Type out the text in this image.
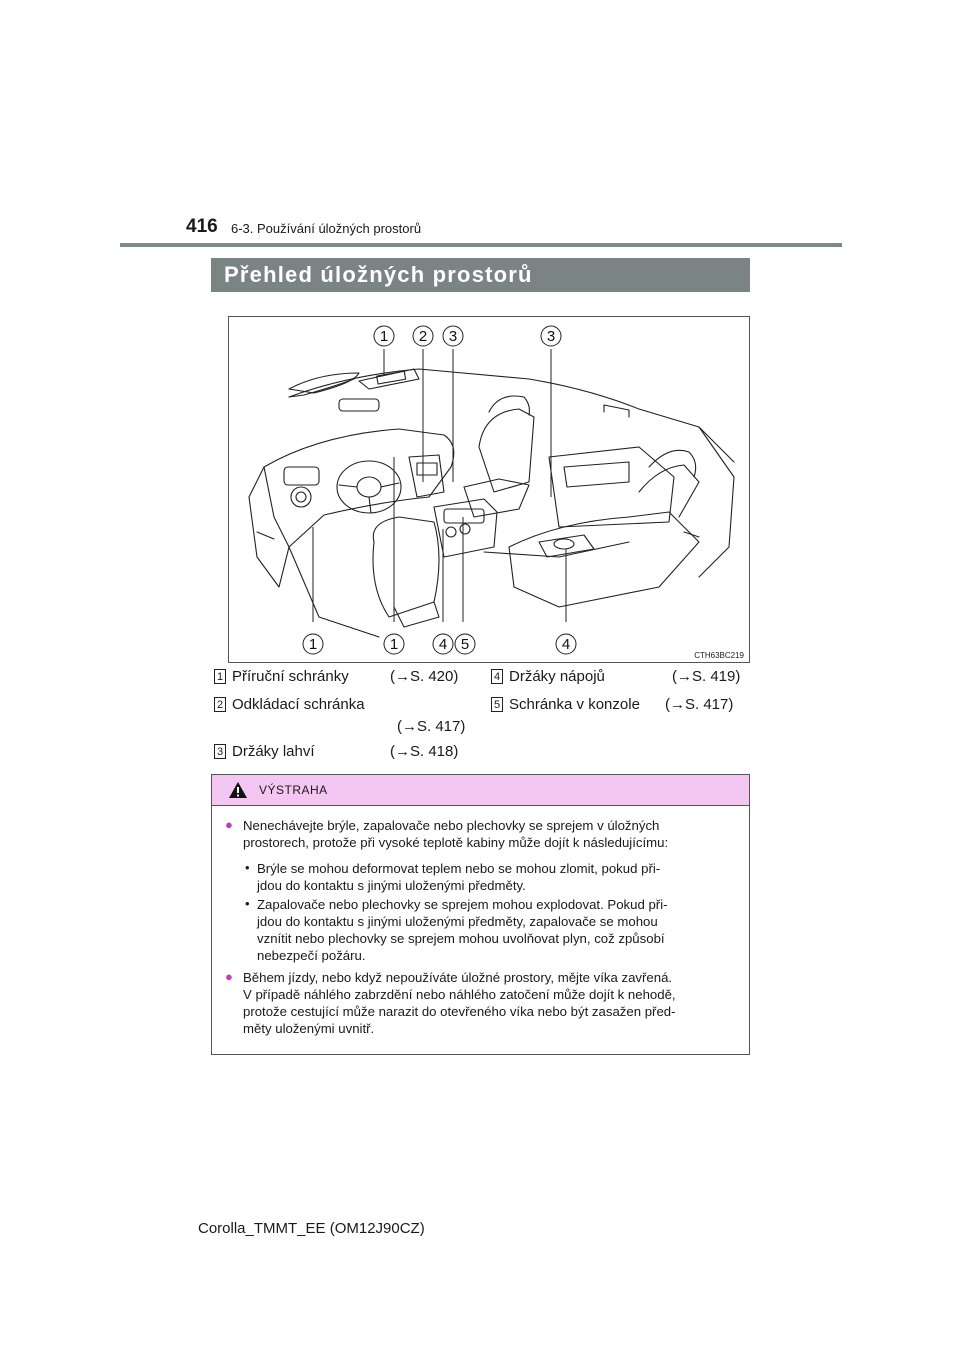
416 6-3. Používání úložných prostorů
Přehled úložných prostorů
1 2 3	3
1	1	4 5	4
CTH63BC219
1 Příruční schránky	(→S. 420)
2 Odkládací schránka
(→S. 417)
3 Držáky lahví	(→S. 418)
4 Držáky nápojů	(→S. 419)
5 Schránka v konzole (→S. 417)
VÝSTRAHA
● Nenechávejte brýle, zapalovače nebo plechovky se sprejem v úložných
prostorech, protože při vysoké teplotě kabiny může dojít k následujícímu:
• Brýle se mohou deformovat teplem nebo se mohou zlomit, pokud při-
jdou do kontaktu s jinými uloženými předměty.
• Zapalovače nebo plechovky se sprejem mohou explodovat. Pokud při-
jdou do kontaktu s jinými uloženými předměty, zapalovače se mohou
vznítit nebo plechovky se sprejem mohou uvolňovat plyn, což způsobí
nebezpečí požáru.
● Během jízdy, nebo když nepoužíváte úložné prostory, mějte víka zavřená.
V případě náhlého zabrzdění nebo náhlého zatočení může dojít k nehodě,
protože cestující může narazit do otevřeného víka nebo být zasažen před-
měty uloženými uvnitř.
Corolla_TMMT_EE (OM12J90CZ)
